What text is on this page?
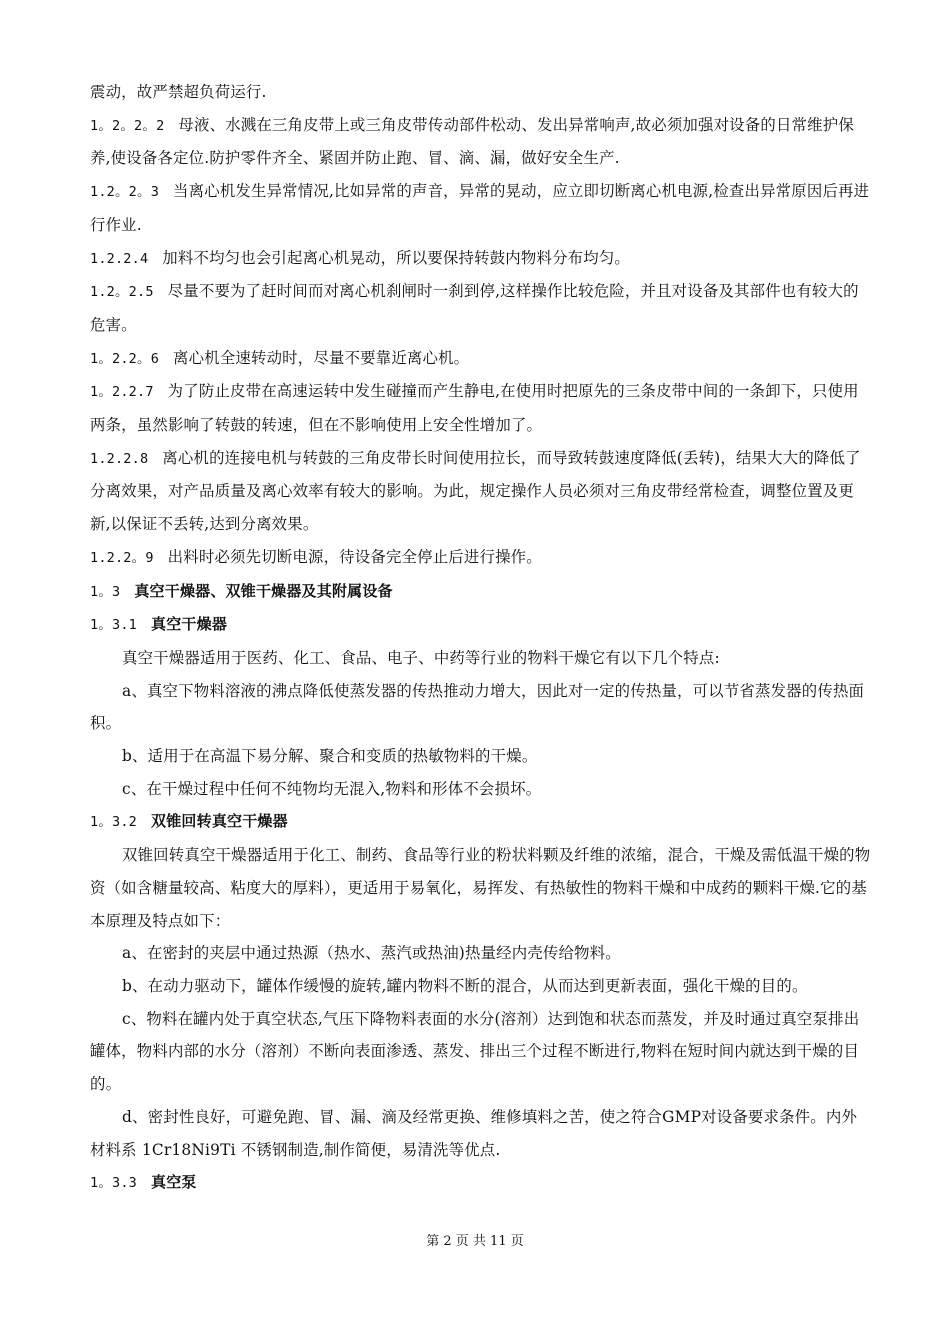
震动，故严禁超负荷运行.

1。2。2。2 母液、水溅在三角皮带上或三角皮带传动部件松动、发出异常响声,故必须加强对设备的日常维护保养,使设备各定位.防护零件齐全、紧固并防止跑、冒、滴、漏，做好安全生产.

1.2。2。3 当离心机发生异常情况,比如异常的声音，异常的晃动，应立即切断离心机电源,检查出异常原因后再进行作业.

1.2.2.4 加料不均匀也会引起离心机晃动，所以要保持转鼓内物料分布均匀。

1.2。2.5 尽量不要为了赶时间而对离心机刹闸时一刹到停,这样操作比较危险，并且对设备及其部件也有较大的危害。

1。2.2。6 离心机全速转动时，尽量不要靠近离心机。

1。2.2.7 为了防止皮带在高速运转中发生碰撞而产生静电,在使用时把原先的三条皮带中间的一条卸下，只使用两条，虽然影响了转鼓的转速，但在不影响使用上安全性增加了。

1.2.2.8 离心机的连接电机与转鼓的三角皮带长时间使用拉长，而导致转鼓速度降低(丢转)，结果大大的降低了分离效果，对产品质量及离心效率有较大的影响。为此，规定操作人员必须对三角皮带经常检查，调整位置及更新,以保证不丢转,达到分离效果。

1.2.2。9 出料时必须先切断电源，待设备完全停止后进行操作。

1。3 真空干燥器、双锥干燥器及其附属设备

1。3.1 真空干燥器

真空干燥器适用于医药、化工、食品、电子、中药等行业的物料干燥它有以下几个特点:

a、真空下物料溶液的沸点降低使蒸发器的传热推动力增大，因此对一定的传热量，可以节省蒸发器的传热面积。

b、适用于在高温下易分解、聚合和变质的热敏物料的干燥。

c、在干燥过程中任何不纯物均无混入,物料和形体不会损坏。

1。3.2 双锥回转真空干燥器

双锥回转真空干燥器适用于化工、制药、食品等行业的粉状料颗及纤维的浓缩，混合，干燥及需低温干燥的物资（如含糖量较高、粘度大的厚料），更适用于易氧化，易挥发、有热敏性的物料干燥和中成药的颗料干燥.它的基本原理及特点如下：

a、在密封的夹层中通过热源（热水、蒸汽或热油)热量经内壳传给物料。

b、在动力驱动下，罐体作缓慢的旋转,罐内物料不断的混合，从而达到更新表面，强化干燥的目的。

c、物料在罐内处于真空状态,气压下降物料表面的水分(溶剂）达到饱和状态而蒸发，并及时通过真空泵排出罐体，物料内部的水分（溶剂）不断向表面渗透、蒸发、排出三个过程不断进行,物料在短时间内就达到干燥的目的。

d、密封性良好，可避免跑、冒、漏、滴及经常更换、维修填料之苦，使之符合GMP对设备要求条件。内外材料系 1Cr18Ni9Ti 不锈钢制造,制作简便，易清洗等优点.

1。3.3 真空泵

第 2 页 共 11 页
